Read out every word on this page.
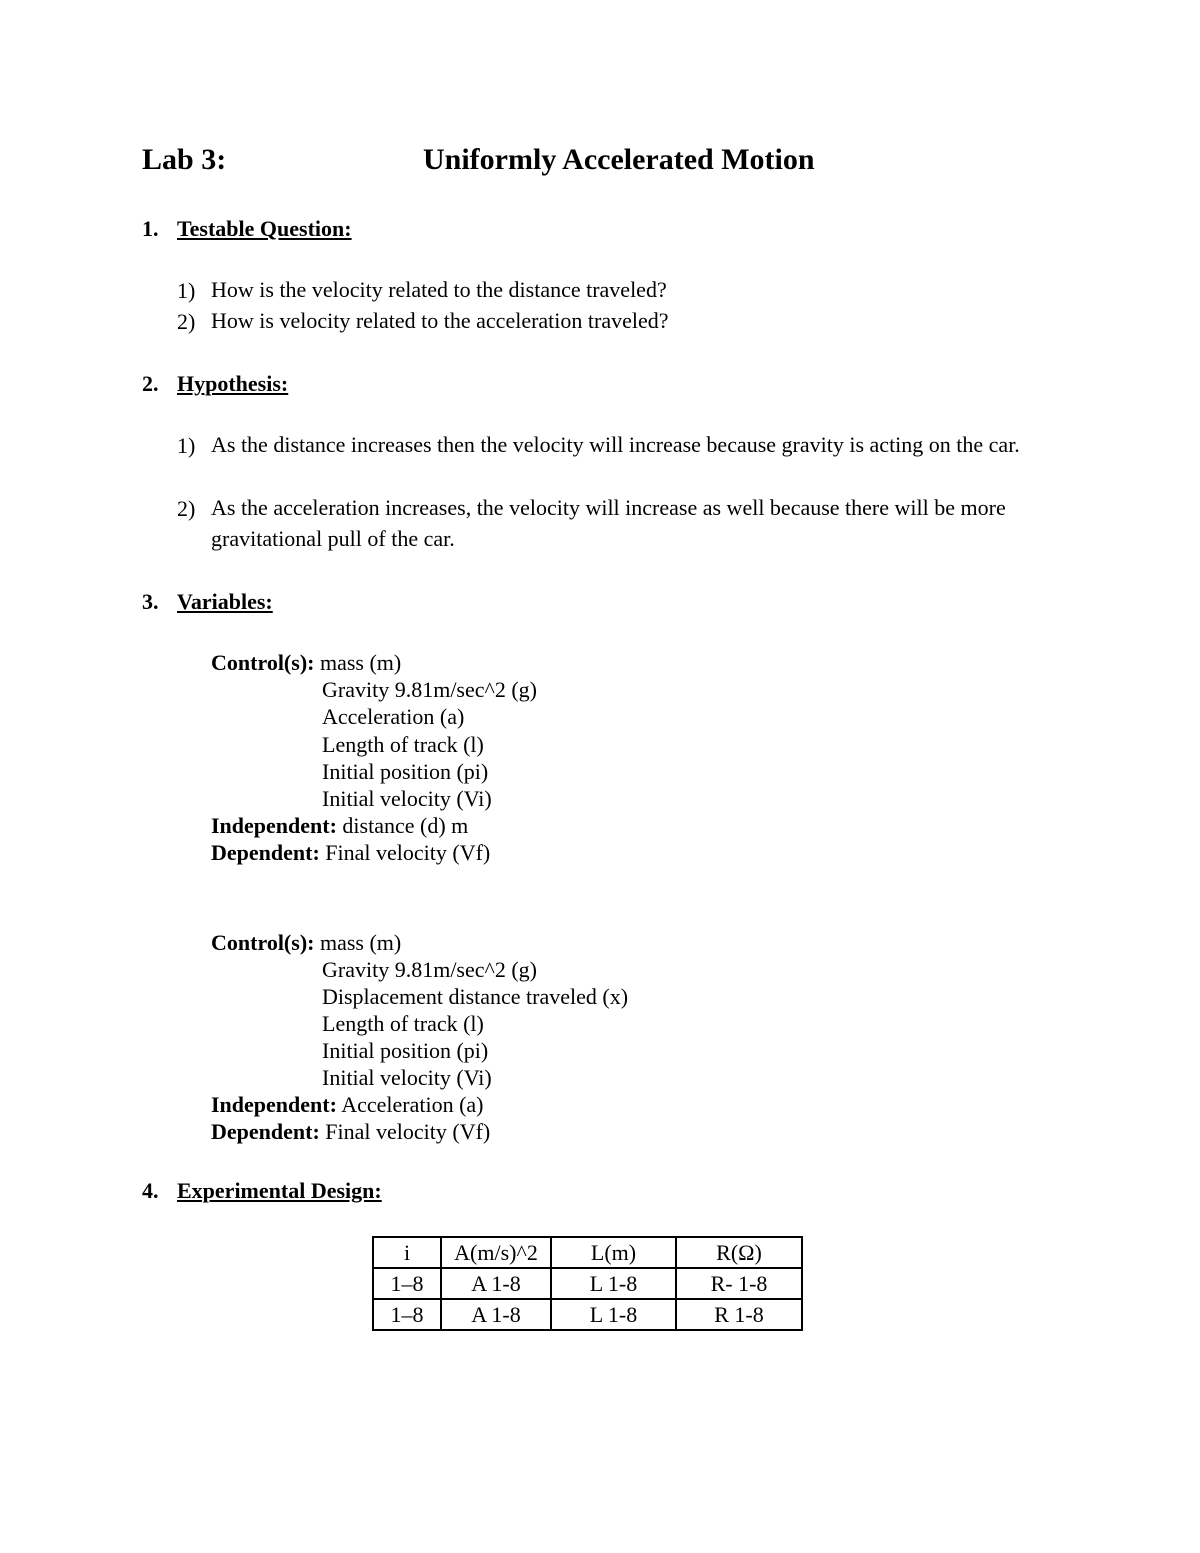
Lab 3:	Uniformly Accelerated Motion
1. Testable Question:
1) How is the velocity related to the distance traveled?
2) How is velocity related to the acceleration traveled?
2. Hypothesis:
1) As the distance increases then the velocity will increase because gravity is acting on the car.
2) As the acceleration increases, the velocity will increase as well because there will be more gravitational pull of the car.
3. Variables:
Control(s): mass (m)
Gravity 9.81m/sec^2 (g)
Acceleration (a)
Length of track (l)
Initial position (pi)
Initial velocity (Vi)
Independent: distance (d) m
Dependent: Final velocity (Vf)
Control(s): mass (m)
Gravity 9.81m/sec^2 (g)
Displacement distance traveled (x)
Length of track (l)
Initial position (pi)
Initial velocity (Vi)
Independent: Acceleration (a)
Dependent: Final velocity (Vf)
4. Experimental Design:
i	A(m/s)^2	L(m)	R(Ω)
1–8	A 1-8	L 1-8	R- 1-8
1–8	A 1-8	L 1-8	R 1-8
